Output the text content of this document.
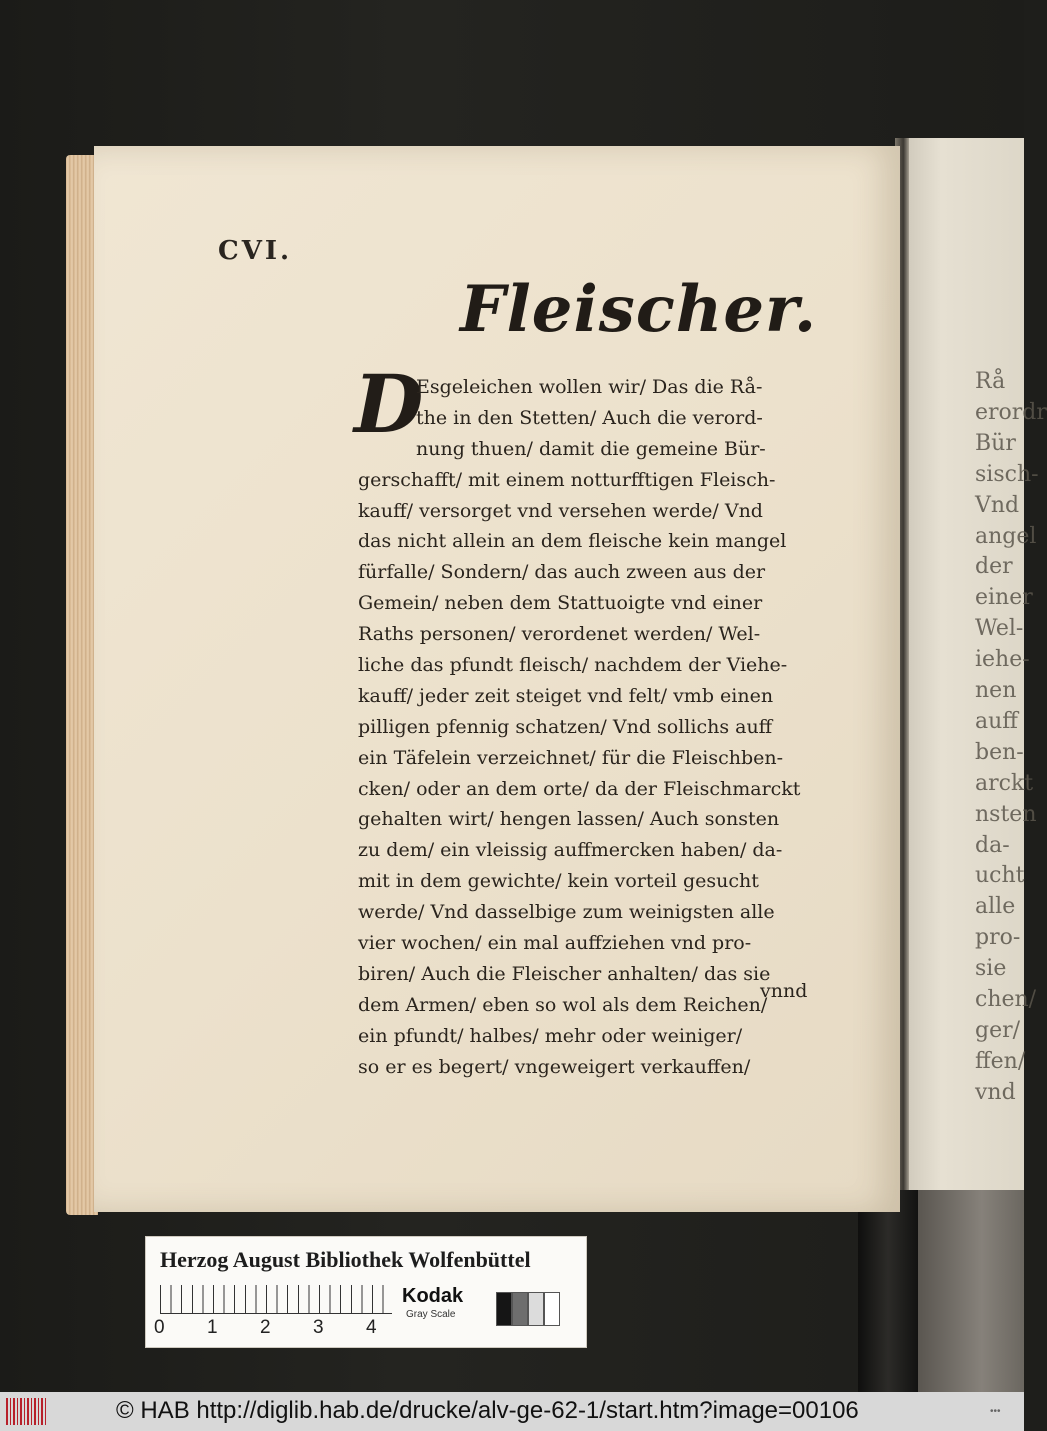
Rå
erordr
Bür
sisch-
Vnd
angel
der
einer
Wel-
iehe-
nen
auff
ben-
arckt
nsten
da-
ucht
alle
pro-
sie
chen/
ger/
ffen/
vnd
CVI.
Fleischer.
D
Esgeleichen wollen wir/ Das die Rå-
the in den Stetten/ Auch die verord-
nung thuen/ damit die gemeine Bür-
gerschafft/ mit einem notturfftigen Fleisch-
kauff/ versorget vnd versehen werde/ Vnd
das nicht allein an dem fleische kein mangel
fürfalle/ Sondern/ das auch zween aus der
Gemein/ neben dem Stattuoigte vnd einer
Raths personen/ verordenet werden/ Wel-
liche das pfundt fleisch/ nachdem der Viehe-
kauff/ jeder zeit steiget vnd felt/ vmb einen
pilligen pfennig schatzen/ Vnd sollichs auff
ein Täfelein verzeichnet/ für die Fleischben-
cken/ oder an dem orte/ da der Fleischmarckt
gehalten wirt/ hengen lassen/ Auch sonsten
zu dem/ ein vleissig auffmercken haben/ da-
mit in dem gewichte/ kein vorteil gesucht
werde/ Vnd dasselbige zum weinigsten alle
vier wochen/ ein mal auffziehen vnd pro-
biren/ Auch die Fleischer anhalten/ das sie
dem Armen/ eben so wol als dem Reichen/
ein pfundt/ halbes/ mehr oder weiniger/
so er es begert/ vngeweigert verkauffen/
vnnd
Herzog August Bibliothek Wolfenbüttel
0 1 2 3 4
Kodak
Gray Scale
© HAB http://diglib.hab.de/drucke/alv-ge-62-1/start.htm?image=00106	•••
